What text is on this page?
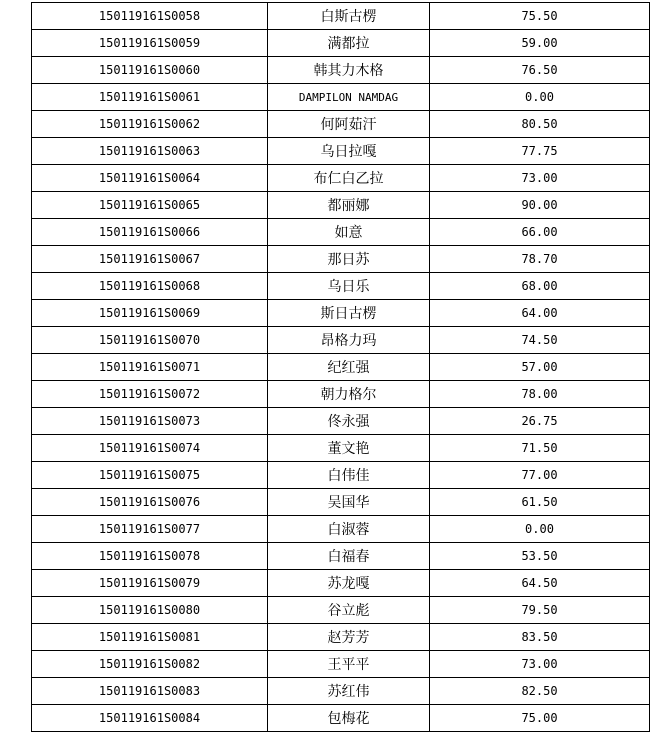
150119161S0058	白斯古楞	75.50
150119161S0059	满都拉	59.00
150119161S0060	韩其力木格	76.50
150119161S0061	DAMPILON NAMDAG	0.00
150119161S0062	何阿茹汗	80.50
150119161S0063	乌日拉嘎	77.75
150119161S0064	布仁白乙拉	73.00
150119161S0065	都丽娜	90.00
150119161S0066	如意	66.00
150119161S0067	那日苏	78.70
150119161S0068	乌日乐	68.00
150119161S0069	斯日古楞	64.00
150119161S0070	昂格力玛	74.50
150119161S0071	纪红强	57.00
150119161S0072	朝力格尔	78.00
150119161S0073	佟永强	26.75
150119161S0074	董文艳	71.50
150119161S0075	白伟佳	77.00
150119161S0076	吴国华	61.50
150119161S0077	白淑蓉	0.00
150119161S0078	白福春	53.50
150119161S0079	苏龙嘎	64.50
150119161S0080	谷立彪	79.50
150119161S0081	赵芳芳	83.50
150119161S0082	王平平	73.00
150119161S0083	苏红伟	82.50
150119161S0084	包梅花	75.00
